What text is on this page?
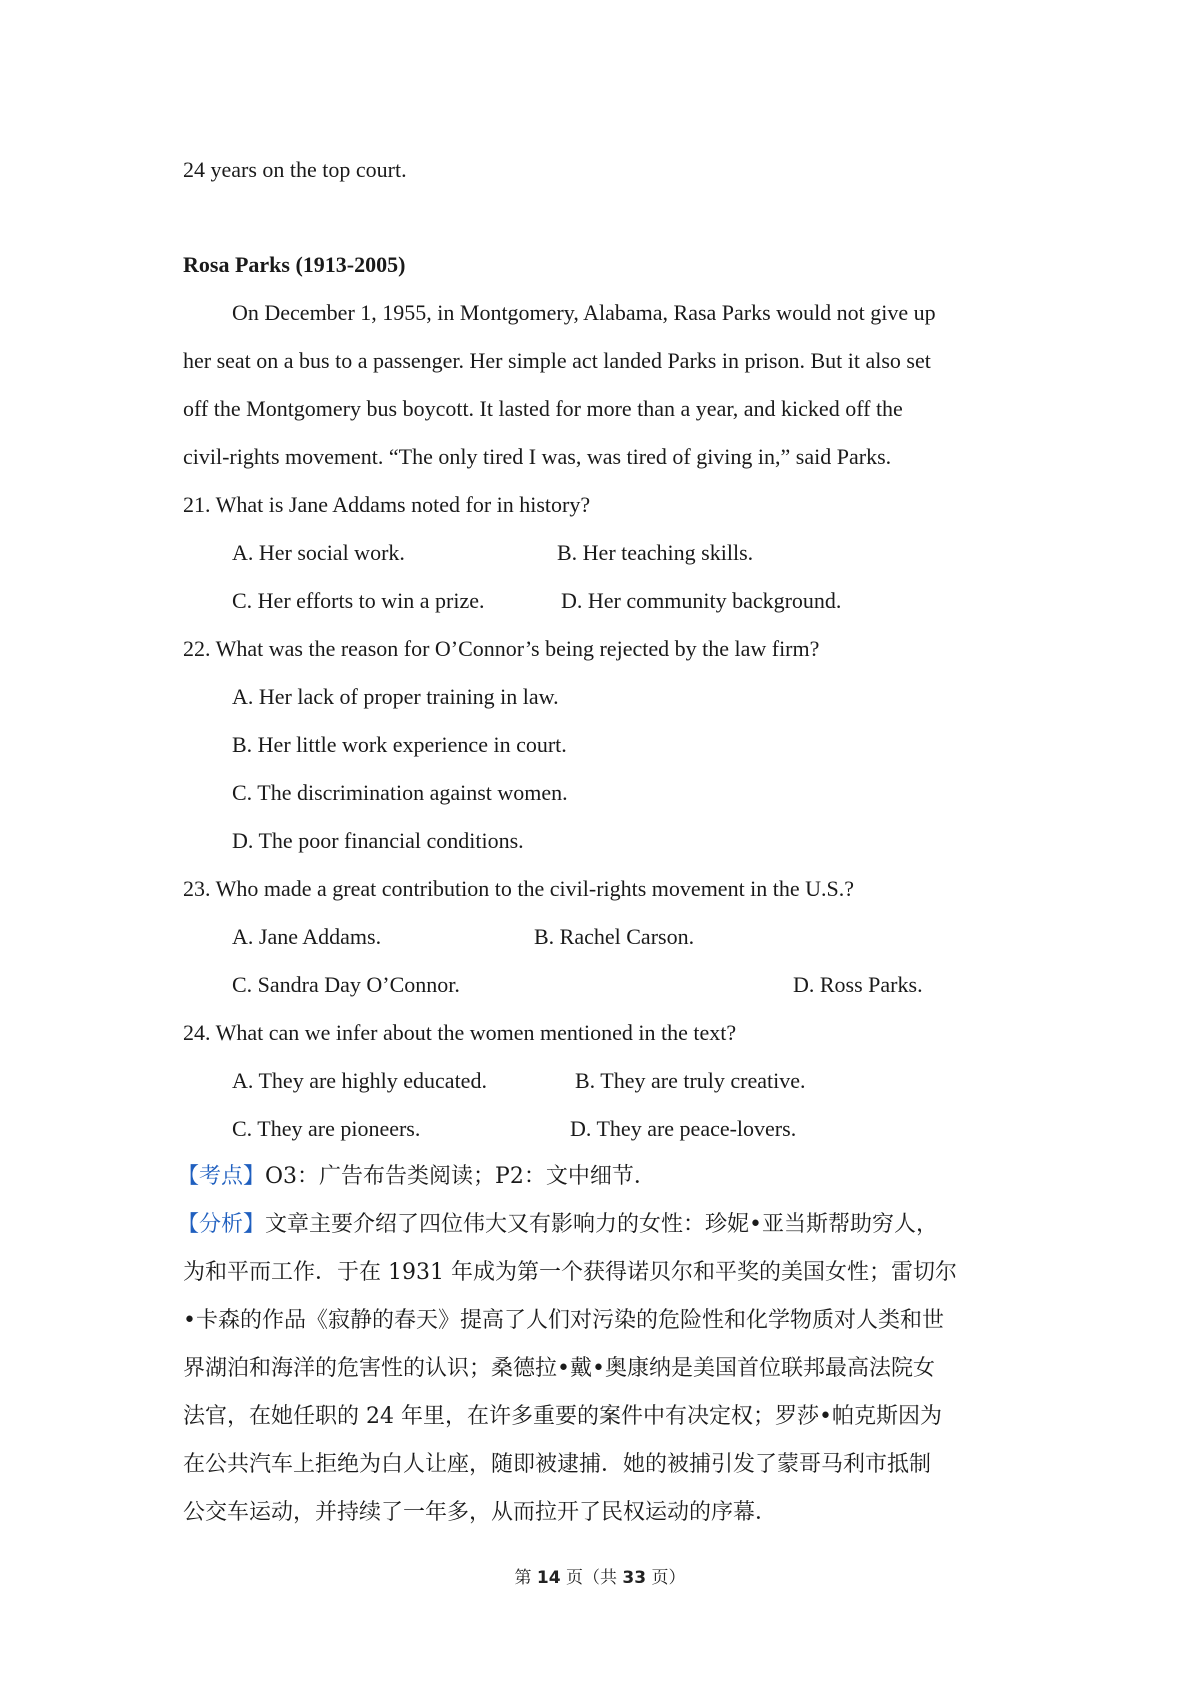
24 years on the top court.
Rosa Parks (1913-2005)
On December 1, 1955, in Montgomery, Alabama, Rasa Parks would not give up
her seat on a bus to a passenger. Her simple act landed Parks in prison. But it also set
off the Montgomery bus boycott. It lasted for more than a year, and kicked off the
civil-rights movement. “The only tired I was, was tired of giving in,” said Parks.
21. What is Jane Addams noted for in history?
A. Her social work.	B. Her teaching skills.
C. Her efforts to win a prize.	D. Her community background.
22. What was the reason for O’Connor’s being rejected by the law firm?
A. Her lack of proper training in law.
B. Her little work experience in court.
C. The discrimination against women.
D. The poor financial conditions.
23. Who made a great contribution to the civil-rights movement in the U.S.?
A. Jane Addams.	B. Rachel Carson.
C. Sandra Day O’Connor.	D. Ross Parks.
24. What can we infer about the women mentioned in the text?
A. They are highly educated.	B. They are truly creative.
C. They are pioneers.	D. They are peace-lovers.
【考点】O3：广告布告类阅读；P2：文中细节．
【分析】文章主要介绍了四位伟大又有影响力的女性：珍妮•亚当斯帮助穷人，
为和平而工作．于在 1931 年成为第一个获得诺贝尔和平奖的美国女性；雷切尔
•卡森的作品《寂静的春天》提高了人们对污染的危险性和化学物质对人类和世
界湖泊和海洋的危害性的认识；桑德拉•戴•奥康纳是美国首位联邦最高法院女
法官，在她任职的 24 年里，在许多重要的案件中有决定权；罗莎•帕克斯因为
在公共汽车上拒绝为白人让座，随即被逮捕．她的被捕引发了蒙哥马利市抵制
公交车运动，并持续了一年多，从而拉开了民权运动的序幕．
第 14 页（共 33 页）
